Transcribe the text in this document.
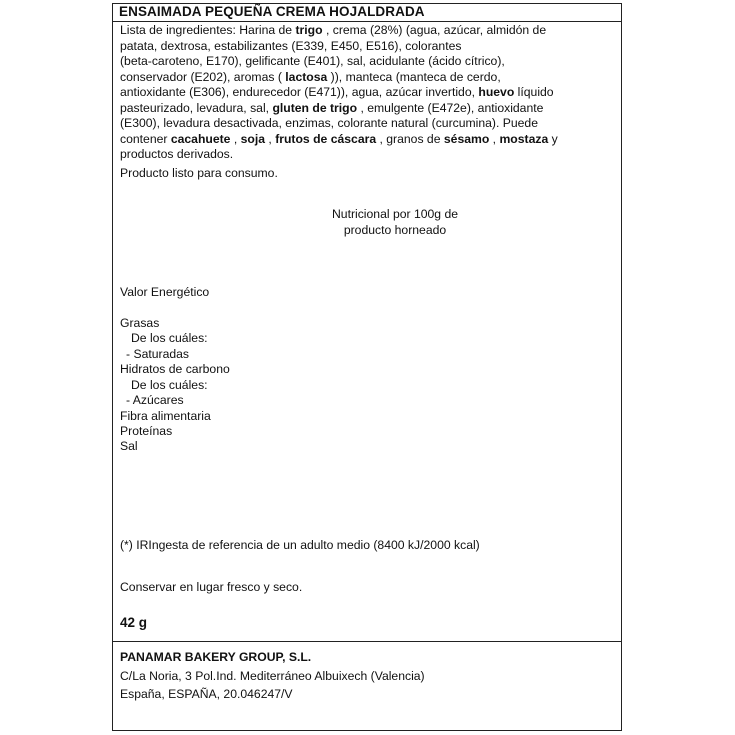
ENSAIMADA PEQUEÑA CREMA HOJALDRADA
Lista de ingredientes: Harina de trigo , crema (28%) (agua, azúcar, almidón de
patata, dextrosa, estabilizantes (E339, E450, E516), colorantes
(beta-caroteno, E170), gelificante (E401), sal, acidulante (ácido cítrico),
conservador (E202), aromas ( lactosa )), manteca (manteca de cerdo,
antioxidante (E306), endurecedor (E471)), agua, azúcar invertido, huevo líquido
pasteurizado, levadura, sal, gluten de trigo , emulgente (E472e), antioxidante
(E300), levadura desactivada, enzimas, colorante natural (curcumina). Puede
contener cacahuete , soja , frutos de cáscara , granos de sésamo , mostaza y
productos derivados.
Producto listo para consumo.
Nutricional por 100g de
producto horneado
Valor Energético
Grasas
De los cuáles:
- Saturadas
Hidratos de carbono
De los cuáles:
- Azúcares
Fibra alimentaria
Proteínas
Sal
(*) IRIngesta de referencia de un adulto medio (8400 kJ/2000 kcal)
Conservar en lugar fresco y seco.
42 g
PANAMAR BAKERY GROUP, S.L.
C/La Noria, 3 Pol.Ind. Mediterráneo Albuixech (Valencia)
España, ESPAÑA, 20.046247/V
